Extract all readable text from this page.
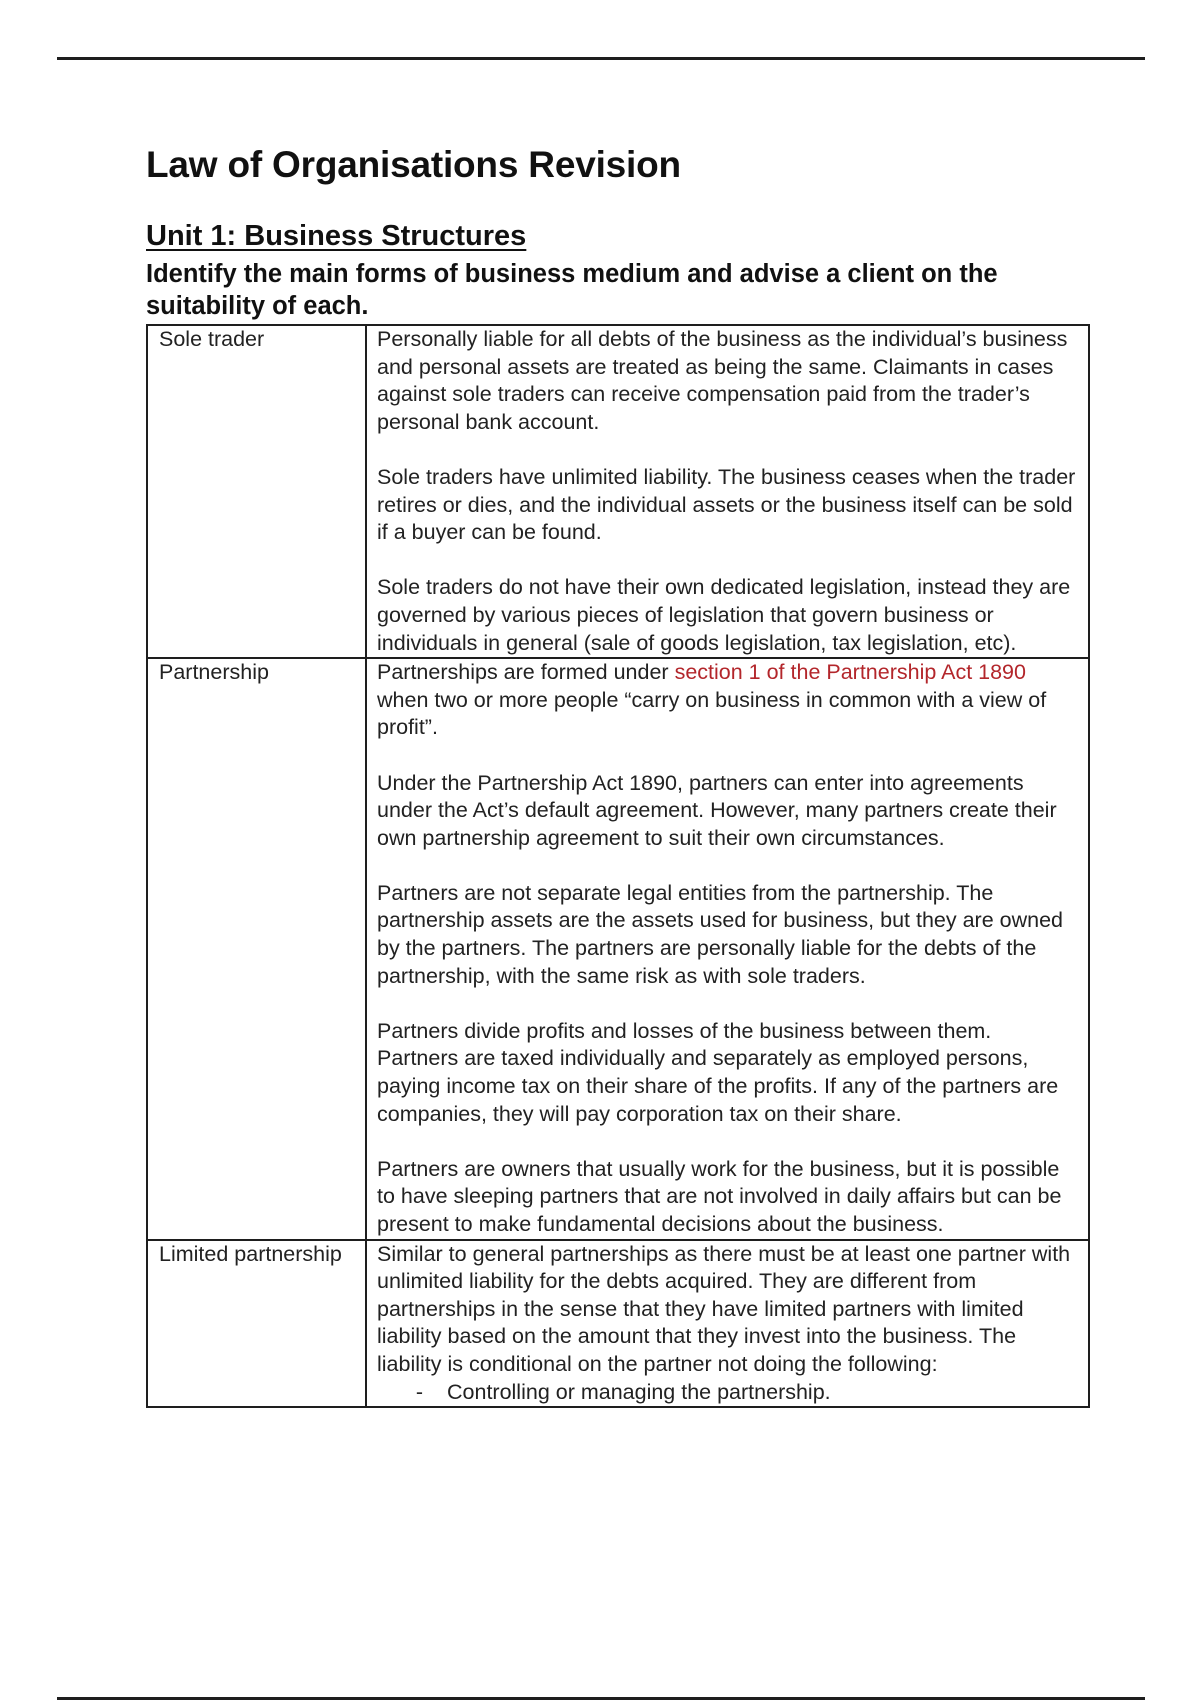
Law of Organisations Revision
Unit 1: Business Structures

Identify the main forms of business medium and advise a client on the suitability of each.

Sole trader	Personally liable for all debts of the business as the individual’s business and personal assets are treated as being the same. Claimants in cases against sole traders can receive compensation paid from the trader’s personal bank account.

Sole traders have unlimited liability. The business ceases when the trader retires or dies, and the individual assets or the business itself can be sold if a buyer can be found.

Sole traders do not have their own dedicated legislation, instead they are governed by various pieces of legislation that govern business or individuals in general (sale of goods legislation, tax legislation, etc).

Partnership	Partnerships are formed under section 1 of the Partnership Act 1890 when two or more people “carry on business in common with a view of profit”.

Under the Partnership Act 1890, partners can enter into agreements under the Act’s default agreement. However, many partners create their own partnership agreement to suit their own circumstances.

Partners are not separate legal entities from the partnership. The partnership assets are the assets used for business, but they are owned by the partners. The partners are personally liable for the debts of the partnership, with the same risk as with sole traders.

Partners divide profits and losses of the business between them. Partners are taxed individually and separately as employed persons, paying income tax on their share of the profits. If any of the partners are companies, they will pay corporation tax on their share.

Partners are owners that usually work for the business, but it is possible to have sleeping partners that are not involved in daily affairs but can be present to make fundamental decisions about the business.

Limited partnership	Similar to general partnerships as there must be at least one partner with unlimited liability for the debts acquired. They are different from partnerships in the sense that they have limited partners with limited liability based on the amount that they invest into the business. The liability is conditional on the partner not doing the following:

- Controlling or managing the partnership.
